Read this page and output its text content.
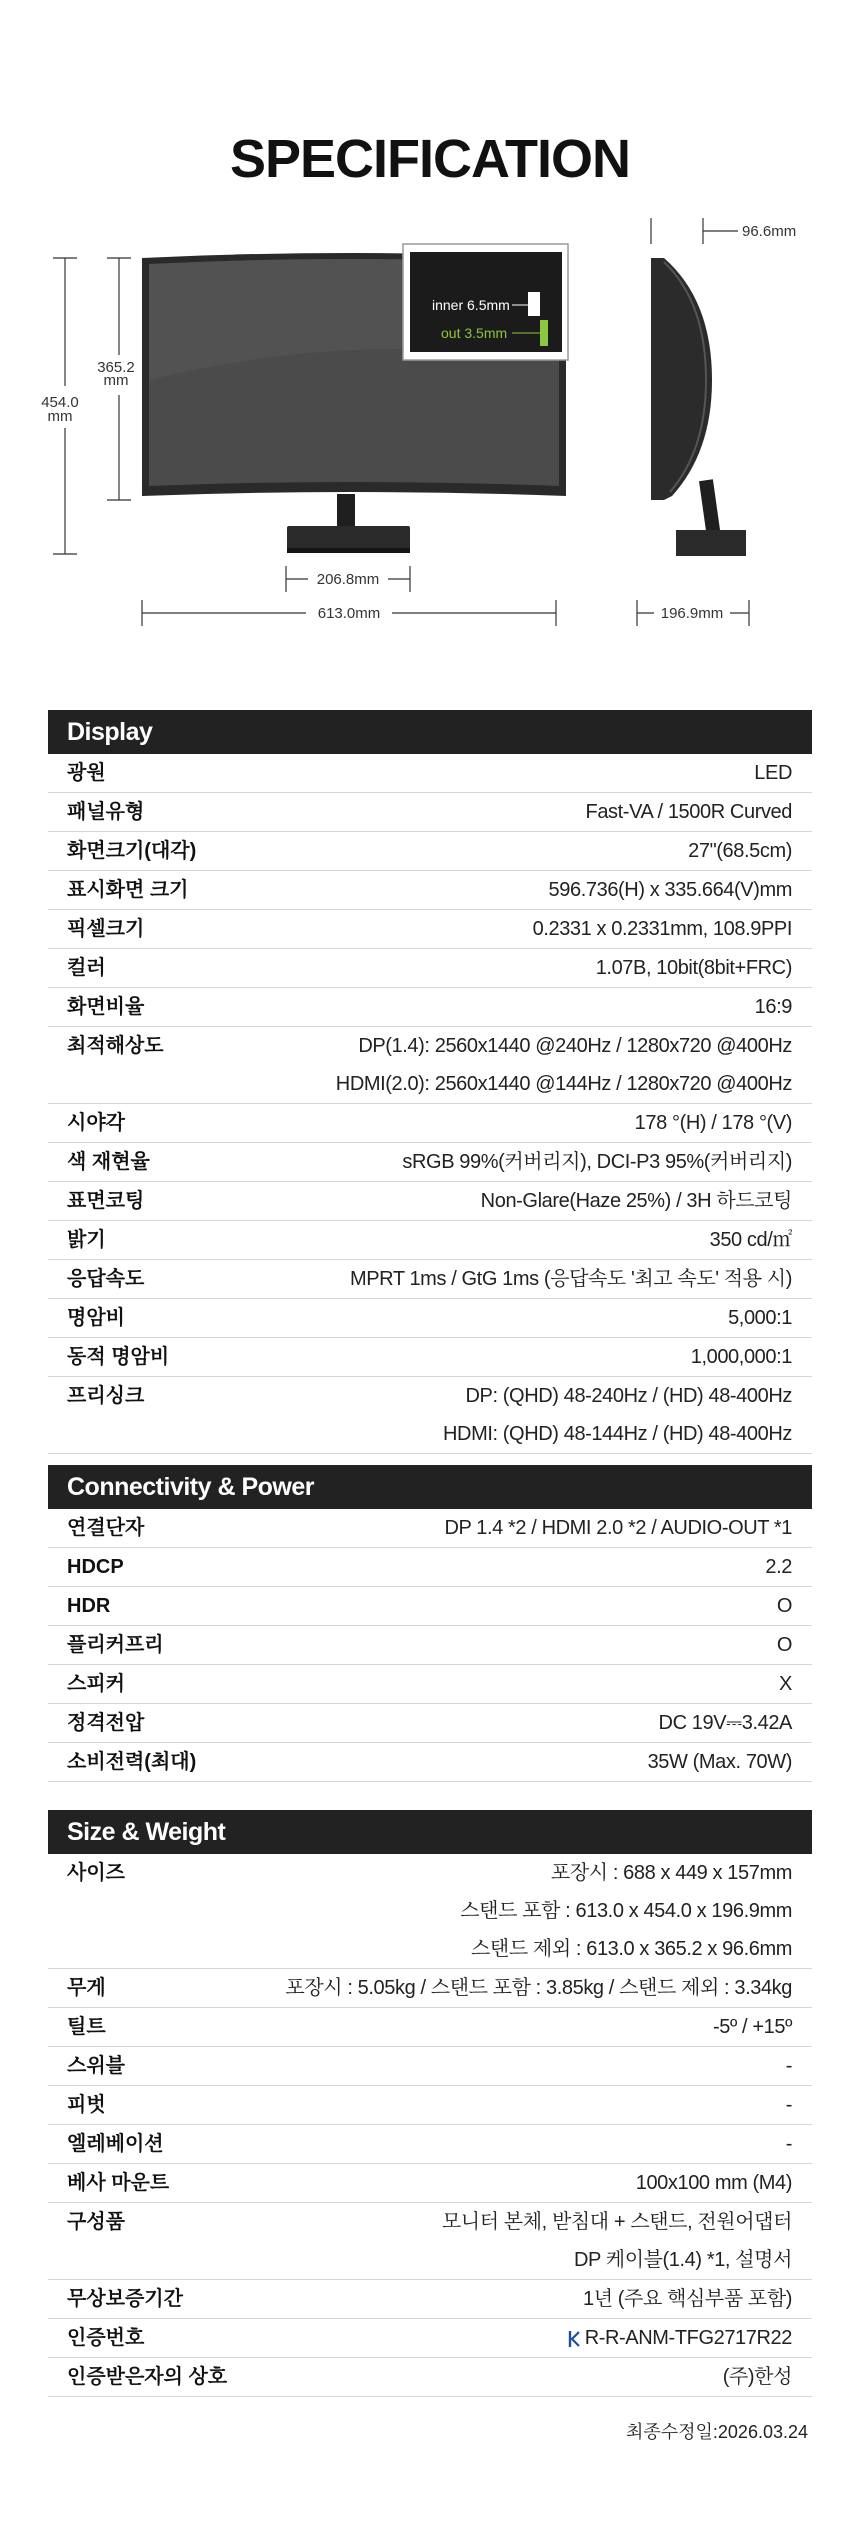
SPECIFICATION
454.0 mm
365.2 mm
inner 6.5mm
out 3.5mm
206.8mm
613.0mm
96.6mm
196.9mm
Display
광원	LED
패널유형	Fast-VA / 1500R Curved
화면크기(대각)	27"(68.5cm)
표시화면 크기	596.736(H) x 335.664(V)mm
픽셀크기	0.2331 x 0.2331mm, 108.9PPI
컬러	1.07B, 10bit(8bit+FRC)
화면비율	16:9
최적해상도	DP(1.4): 2560x1440 @240Hz / 1280x720 @400Hz
HDMI(2.0): 2560x1440 @144Hz / 1280x720 @400Hz
시야각	178 °(H) / 178 °(V)
색 재현율	sRGB 99%(커버리지), DCI-P3 95%(커버리지)
표면코팅	Non-Glare(Haze 25%) / 3H 하드코팅
밝기	350 cd/㎡
응답속도	MPRT 1ms / GtG 1ms (응답속도 '최고 속도' 적용 시)
명암비	5,000:1
동적 명암비	1,000,000:1
프리싱크	DP: (QHD) 48-240Hz / (HD) 48-400Hz
HDMI: (QHD) 48-144Hz / (HD) 48-400Hz
Connectivity & Power
연결단자	DP 1.4 *2 / HDMI 2.0 *2 / AUDIO-OUT *1
HDCP	2.2
HDR	O
플리커프리	O
스피커	X
정격전압	DC 19V⎓3.42A
소비전력(최대)	35W (Max. 70W)
Size & Weight
사이즈	포장시 : 688 x 449 x 157mm
스탠드 포함 : 613.0 x 454.0 x 196.9mm
스탠드 제외 : 613.0 x 365.2 x 96.6mm
무게	포장시 : 5.05kg / 스탠드 포함 : 3.85kg / 스탠드 제외 : 3.34kg
틸트	-5º / +15º
스위블	-
피벗	-
엘레베이션	-
베사 마운트	100x100 mm (M4)
구성품	모니터 본체, 받침대 + 스탠드, 전원어댑터
DP 케이블(1.4) *1, 설명서
무상보증기간	1년 (주요 핵심부품 포함)
인증번호	R-R-ANM-TFG2717R22
인증받은자의 상호	(주)한성
최종수정일:2026.03.24
